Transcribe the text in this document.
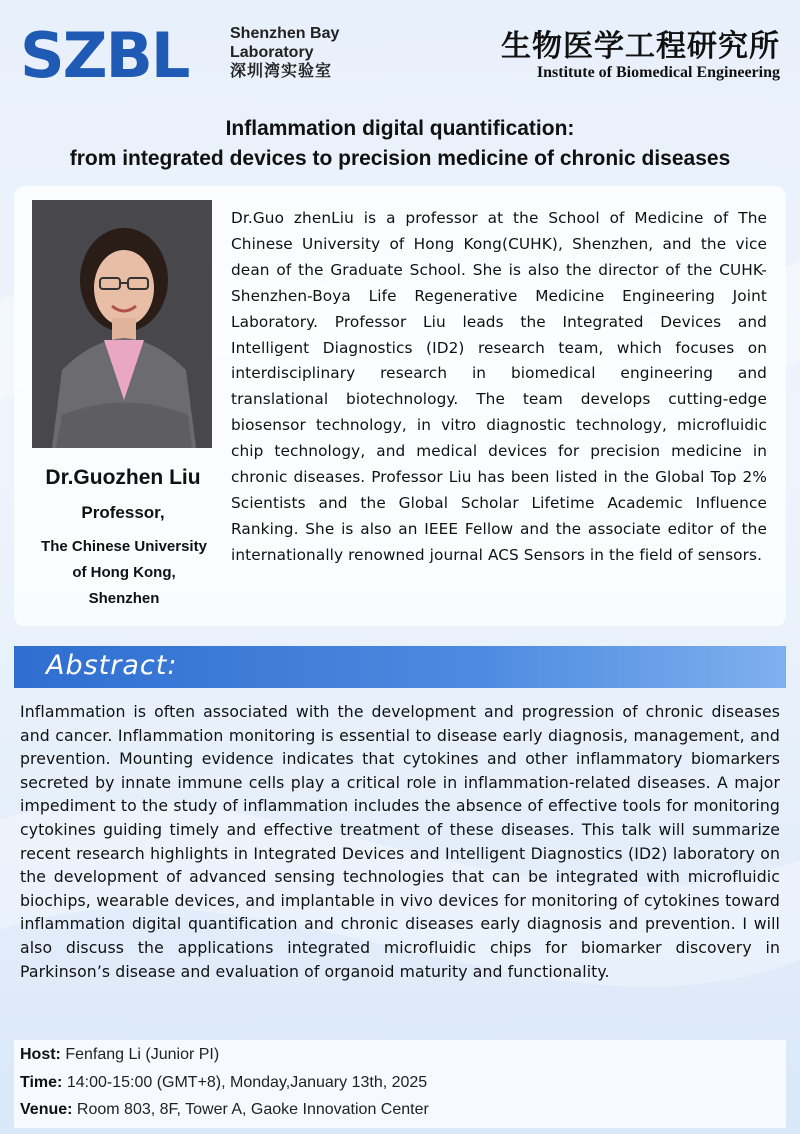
SZBL	Shenzhen Bay
Laboratory
深圳湾实验室
生物医学工程研究所
Institute of Biomedical Engineering
Inflammation digital quantification:
from integrated devices to precision medicine of chronic diseases
Dr.Guozhen Liu
Professor,
The Chinese University
of Hong Kong,
Shenzhen
Dr.Guo zhenLiu is a professor at the School of Medicine of The Chinese University of Hong Kong(CUHK), Shenzhen, and the vice dean of the Graduate School. She is also the director of the CUHK-Shenzhen-Boya Life Regenerative Medicine Engineering Joint Laboratory. Professor Liu leads the Integrated Devices and Intelligent Diagnostics (ID2) research team, which focuses on interdisciplinary research in biomedical engineering and translational biotechnology. The team develops cutting-edge biosensor technology, in vitro diagnostic technology, microfluidic chip technology, and medical devices for precision medicine in chronic diseases. Professor Liu has been listed in the Global Top 2% Scientists and the Global Scholar Lifetime Academic Influence Ranking. She is also an IEEE Fellow and the associate editor of the internationally renowned journal ACS Sensors in the field of sensors.
Abstract:
Inflammation is often associated with the development and progression of chronic diseases and cancer. Inflammation monitoring is essential to disease early diagnosis, management, and prevention. Mounting evidence indicates that cytokines and other inflammatory biomarkers secreted by innate immune cells play a critical role in inflammation-related diseases. A major impediment to the study of inflammation includes the absence of effective tools for monitoring cytokines guiding timely and effective treatment of these diseases. This talk will summarize recent research highlights in Integrated Devices and Intelligent Diagnostics (ID2) laboratory on the development of advanced sensing technologies that can be integrated with microfluidic biochips, wearable devices, and implantable in vivo devices for monitoring of cytokines toward inflammation digital quantification and chronic diseases early diagnosis and prevention. I will also discuss the applications integrated microfluidic chips for biomarker discovery in Parkinson’s disease and evaluation of organoid maturity and functionality.
Host: Fenfang Li (Junior PI)
Time: 14:00-15:00 (GMT+8), Monday,January 13th, 2025
Venue: Room 803, 8F, Tower A, Gaoke Innovation Center
